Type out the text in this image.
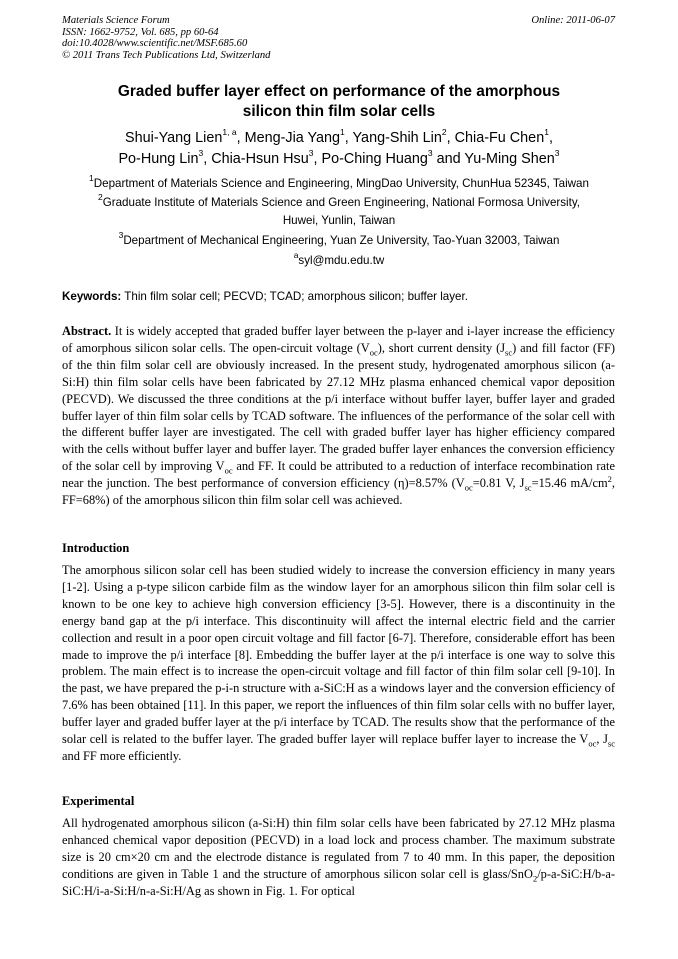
Materials Science Forum
ISSN: 1662-9752, Vol. 685, pp 60-64
doi:10.4028/www.scientific.net/MSF.685.60
© 2011 Trans Tech Publications Ltd, Switzerland
Online: 2011-06-07
Graded buffer layer effect on performance of the amorphous
silicon thin film solar cells
Shui-Yang Lien$^{1, a}$, Meng-Jia Yang$^1$, Yang-Shih Lin$^2$, Chia-Fu Chen$^1$,
Po-Hung Lin$^3$, Chia-Hsun Hsu$^3$, Po-Ching Huang$^3$ and Yu-Ming Shen$^3$
$^1$Department of Materials Science and Engineering, MingDao University, ChunHua 52345, Taiwan
$^2$Graduate Institute of Materials Science and Green Engineering, National Formosa University,
Huwei, Yunlin, Taiwan
$^3$Department of Mechanical Engineering, Yuan Ze University, Tao-Yuan 32003, Taiwan
$^a$syl@mdu.edu.tw
Keywords: Thin film solar cell; PECVD; TCAD; amorphous silicon; buffer layer.

Abstract. It is widely accepted that graded buffer layer between the p-layer and i-layer increase the efficiency of amorphous silicon solar cells. The open-circuit voltage $(V_{oc})$, short current density $(J_{sc})$ and fill factor (FF) of the thin film solar cell are obviously increased. In the present study, hydrogenated amorphous silicon (a-Si:H) thin film solar cells have been fabricated by 27.12 MHz plasma enhanced chemical vapor deposition (PECVD). We discussed the three conditions at the p/i interface without buffer layer, buffer layer and graded buffer layer of thin film solar cells by TCAD software. The influences of the performance of the solar cell with the different buffer layer are investigated. The cell with graded buffer layer has higher efficiency compared with the cells without buffer layer and buffer layer. The graded buffer layer enhances the conversion efficiency of the solar cell by improving $V_{oc}$ and FF. It could be attributed to a reduction of interface recombination rate near the junction. The best performance of conversion efficiency (η)=8.57% ($V_{oc}=0.81$ V, $J_{sc}=15.46$ $mA/cm^2$, FF=68%) of the amorphous silicon thin film solar cell was achieved.

Introduction

The amorphous silicon solar cell has been studied widely to increase the conversion efficiency in many years [1-2]. Using a p-type silicon carbide film as the window layer for an amorphous silicon thin film solar cell is known to be one key to achieve high conversion efficiency [3-5]. However, there is a discontinuity in the energy band gap at the p/i interface. This discontinuity will affect the internal electric field and the carrier collection and result in a poor open circuit voltage and fill factor [6-7]. Therefore, considerable effort has been made to improve the p/i interface [8]. Embedding the buffer layer at the p/i interface is one way to solve this problem. The main effect is to increase the open-circuit voltage and fill factor of thin film solar cell [9-10]. In the past, we have prepared the p-i-n structure with a-SiC:H as a windows layer and the conversion efficiency of 7.6% has been obtained [11]. In this paper, we report the influences of thin film solar cells with no buffer layer, buffer layer and graded buffer layer at the p/i interface by TCAD. The results show that the performance of the solar cell is related to the buffer layer. The graded buffer layer will replace buffer layer to increase the $V_{oc}$, $J_{sc}$ and FF more efficiently.

Experimental

All hydrogenated amorphous silicon (a-Si:H) thin film solar cells have been fabricated by 27.12 MHz plasma enhanced chemical vapor deposition (PECVD) in a load lock and process chamber. The maximum substrate size is 20 cm×20 cm and the electrode distance is regulated from 7 to 40 mm. In this paper, the deposition conditions are given in Table 1 and the structure of amorphous silicon solar cell is glass/SnO$_2$/p-a-SiC:H/b-a-SiC:H/i-a-Si:H/n-a-Si:H/Ag as shown in Fig. 1. For optical
